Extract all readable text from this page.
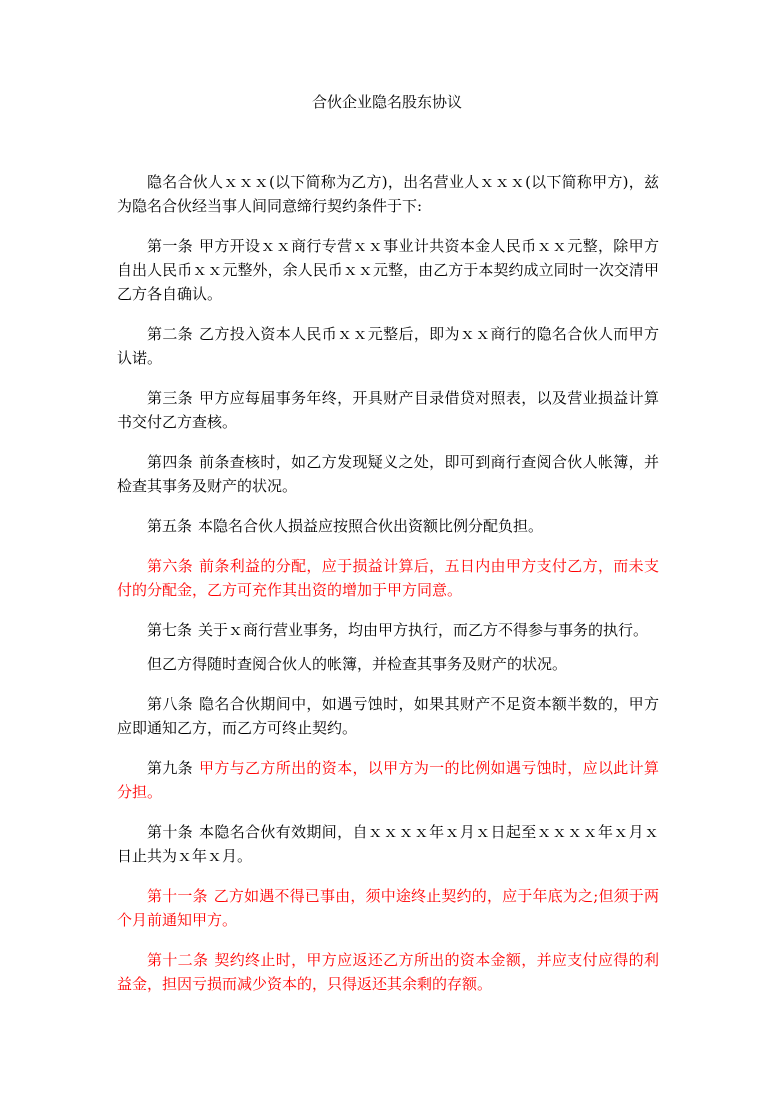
合伙企业隐名股东协议

隐名合伙人ｘｘｘ(以下简称为乙方)，出名营业人ｘｘｘ(以下简称甲方)，兹为隐名合伙经当事人间同意缔行契约条件于下:

第一条 甲方开设ｘｘ商行专营ｘｘ事业计共资本金人民币ｘｘ元整，除甲方自出人民币ｘｘ元整外，余人民币ｘｘ元整，由乙方于本契约成立同时一次交清甲乙方各自确认。

第二条 乙方投入资本人民币ｘｘ元整后，即为ｘｘ商行的隐名合伙人而甲方认诺。

第三条 甲方应每届事务年终，开具财产目录借贷对照表，以及营业损益计算书交付乙方查核。

第四条 前条查核时，如乙方发现疑义之处，即可到商行查阅合伙人帐簿，并检查其事务及财产的状况。

第五条 本隐名合伙人损益应按照合伙出资额比例分配负担。

第六条 前条利益的分配，应于损益计算后，五日内由甲方支付乙方，而未支付的分配金，乙方可充作其出资的增加于甲方同意。

第七条 关于ｘ商行营业事务，均由甲方执行，而乙方不得参与事务的执行。

但乙方得随时查阅合伙人的帐簿，并检查其事务及财产的状况。

第八条 隐名合伙期间中，如遇亏蚀时，如果其财产不足资本额半数的，甲方应即通知乙方，而乙方可终止契约。

第九条 甲方与乙方所出的资本，以甲方为一的比例如遇亏蚀时，应以此计算分担。

第十条 本隐名合伙有效期间，自ｘｘｘｘ年ｘ月ｘ日起至ｘｘｘｘ年ｘ月ｘ日止共为ｘ年ｘ月。

第十一条 乙方如遇不得已事由，须中途终止契约的，应于年底为之;但须于两个月前通知甲方。

第十二条 契约终止时，甲方应返还乙方所出的资本金额，并应支付应得的利益金，担因亏损而减少资本的，只得返还其余剩的存额。
